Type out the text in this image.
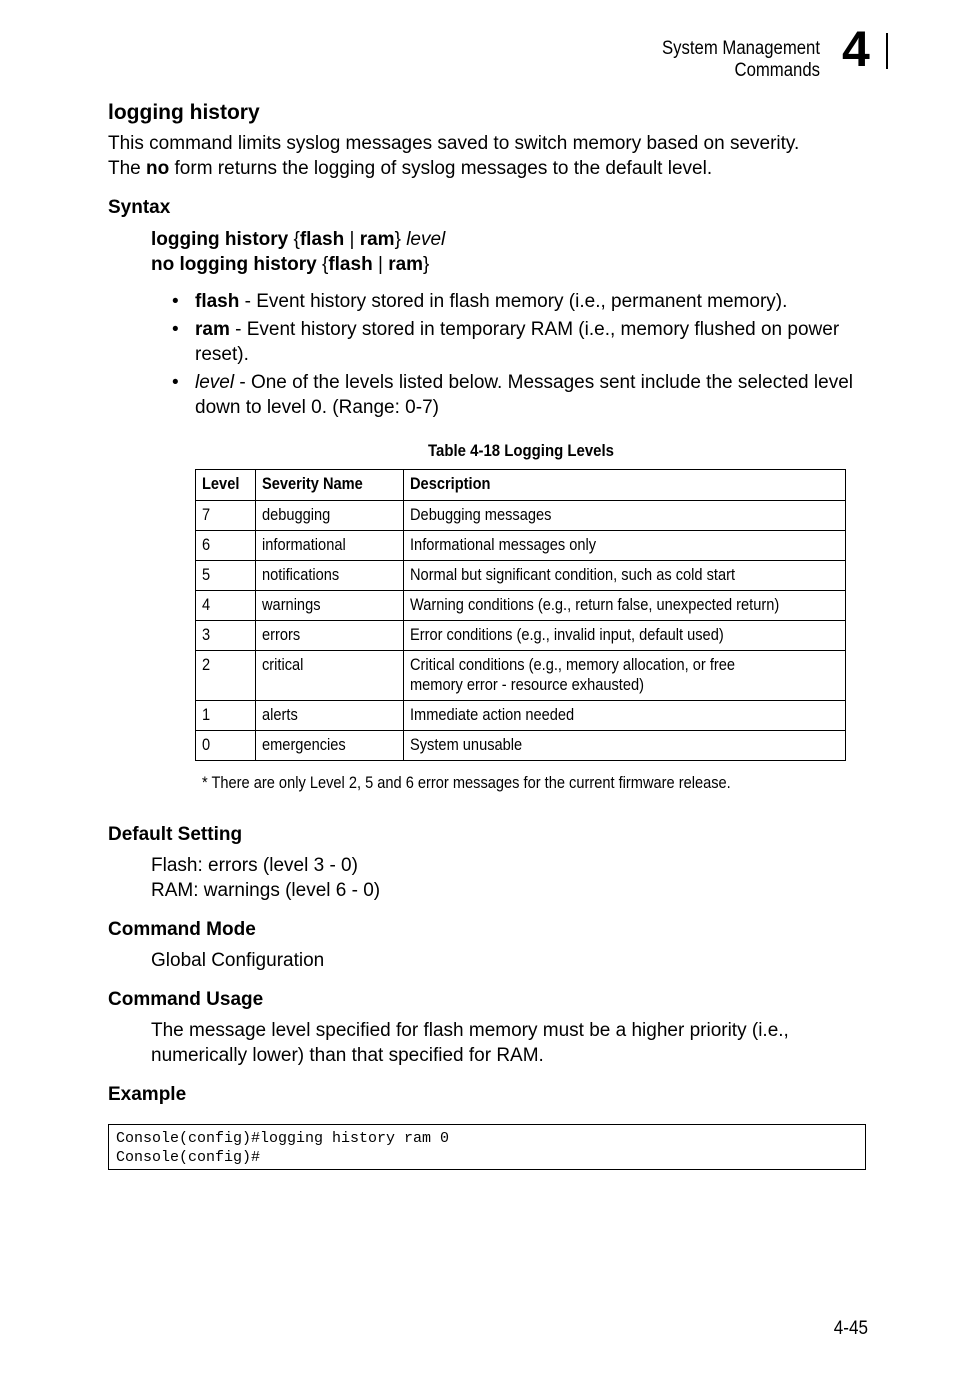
System Management Commands 4
logging history
This command limits syslog messages saved to switch memory based on severity.
The no form returns the logging of syslog messages to the default level.
Syntax
logging history {flash | ram} level
no logging history {flash | ram}
• flash - Event history stored in flash memory (i.e., permanent memory).
• ram - Event history stored in temporary RAM (i.e., memory flushed on power reset).
• level - One of the levels listed below. Messages sent include the selected level down to level 0. (Range: 0-7)
Table 4-18 Logging Levels
Level	Severity Name	Description
7	debugging	Debugging messages
6	informational	Informational messages only
5	notifications	Normal but significant condition, such as cold start
4	warnings	Warning conditions (e.g., return false, unexpected return)
3	errors	Error conditions (e.g., invalid input, default used)
2	critical	Critical conditions (e.g., memory allocation, or free
memory error - resource exhausted)
1	alerts	Immediate action needed
0	emergencies	System unusable
* There are only Level 2, 5 and 6 error messages for the current firmware release.
Default Setting
Flash: errors (level 3 - 0)
RAM: warnings (level 6 - 0)
Command Mode
Global Configuration
Command Usage
The message level specified for flash memory must be a higher priority (i.e.,
numerically lower) than that specified for RAM.
Example
Console(config)#logging history ram 0
Console(config)#
4-45
